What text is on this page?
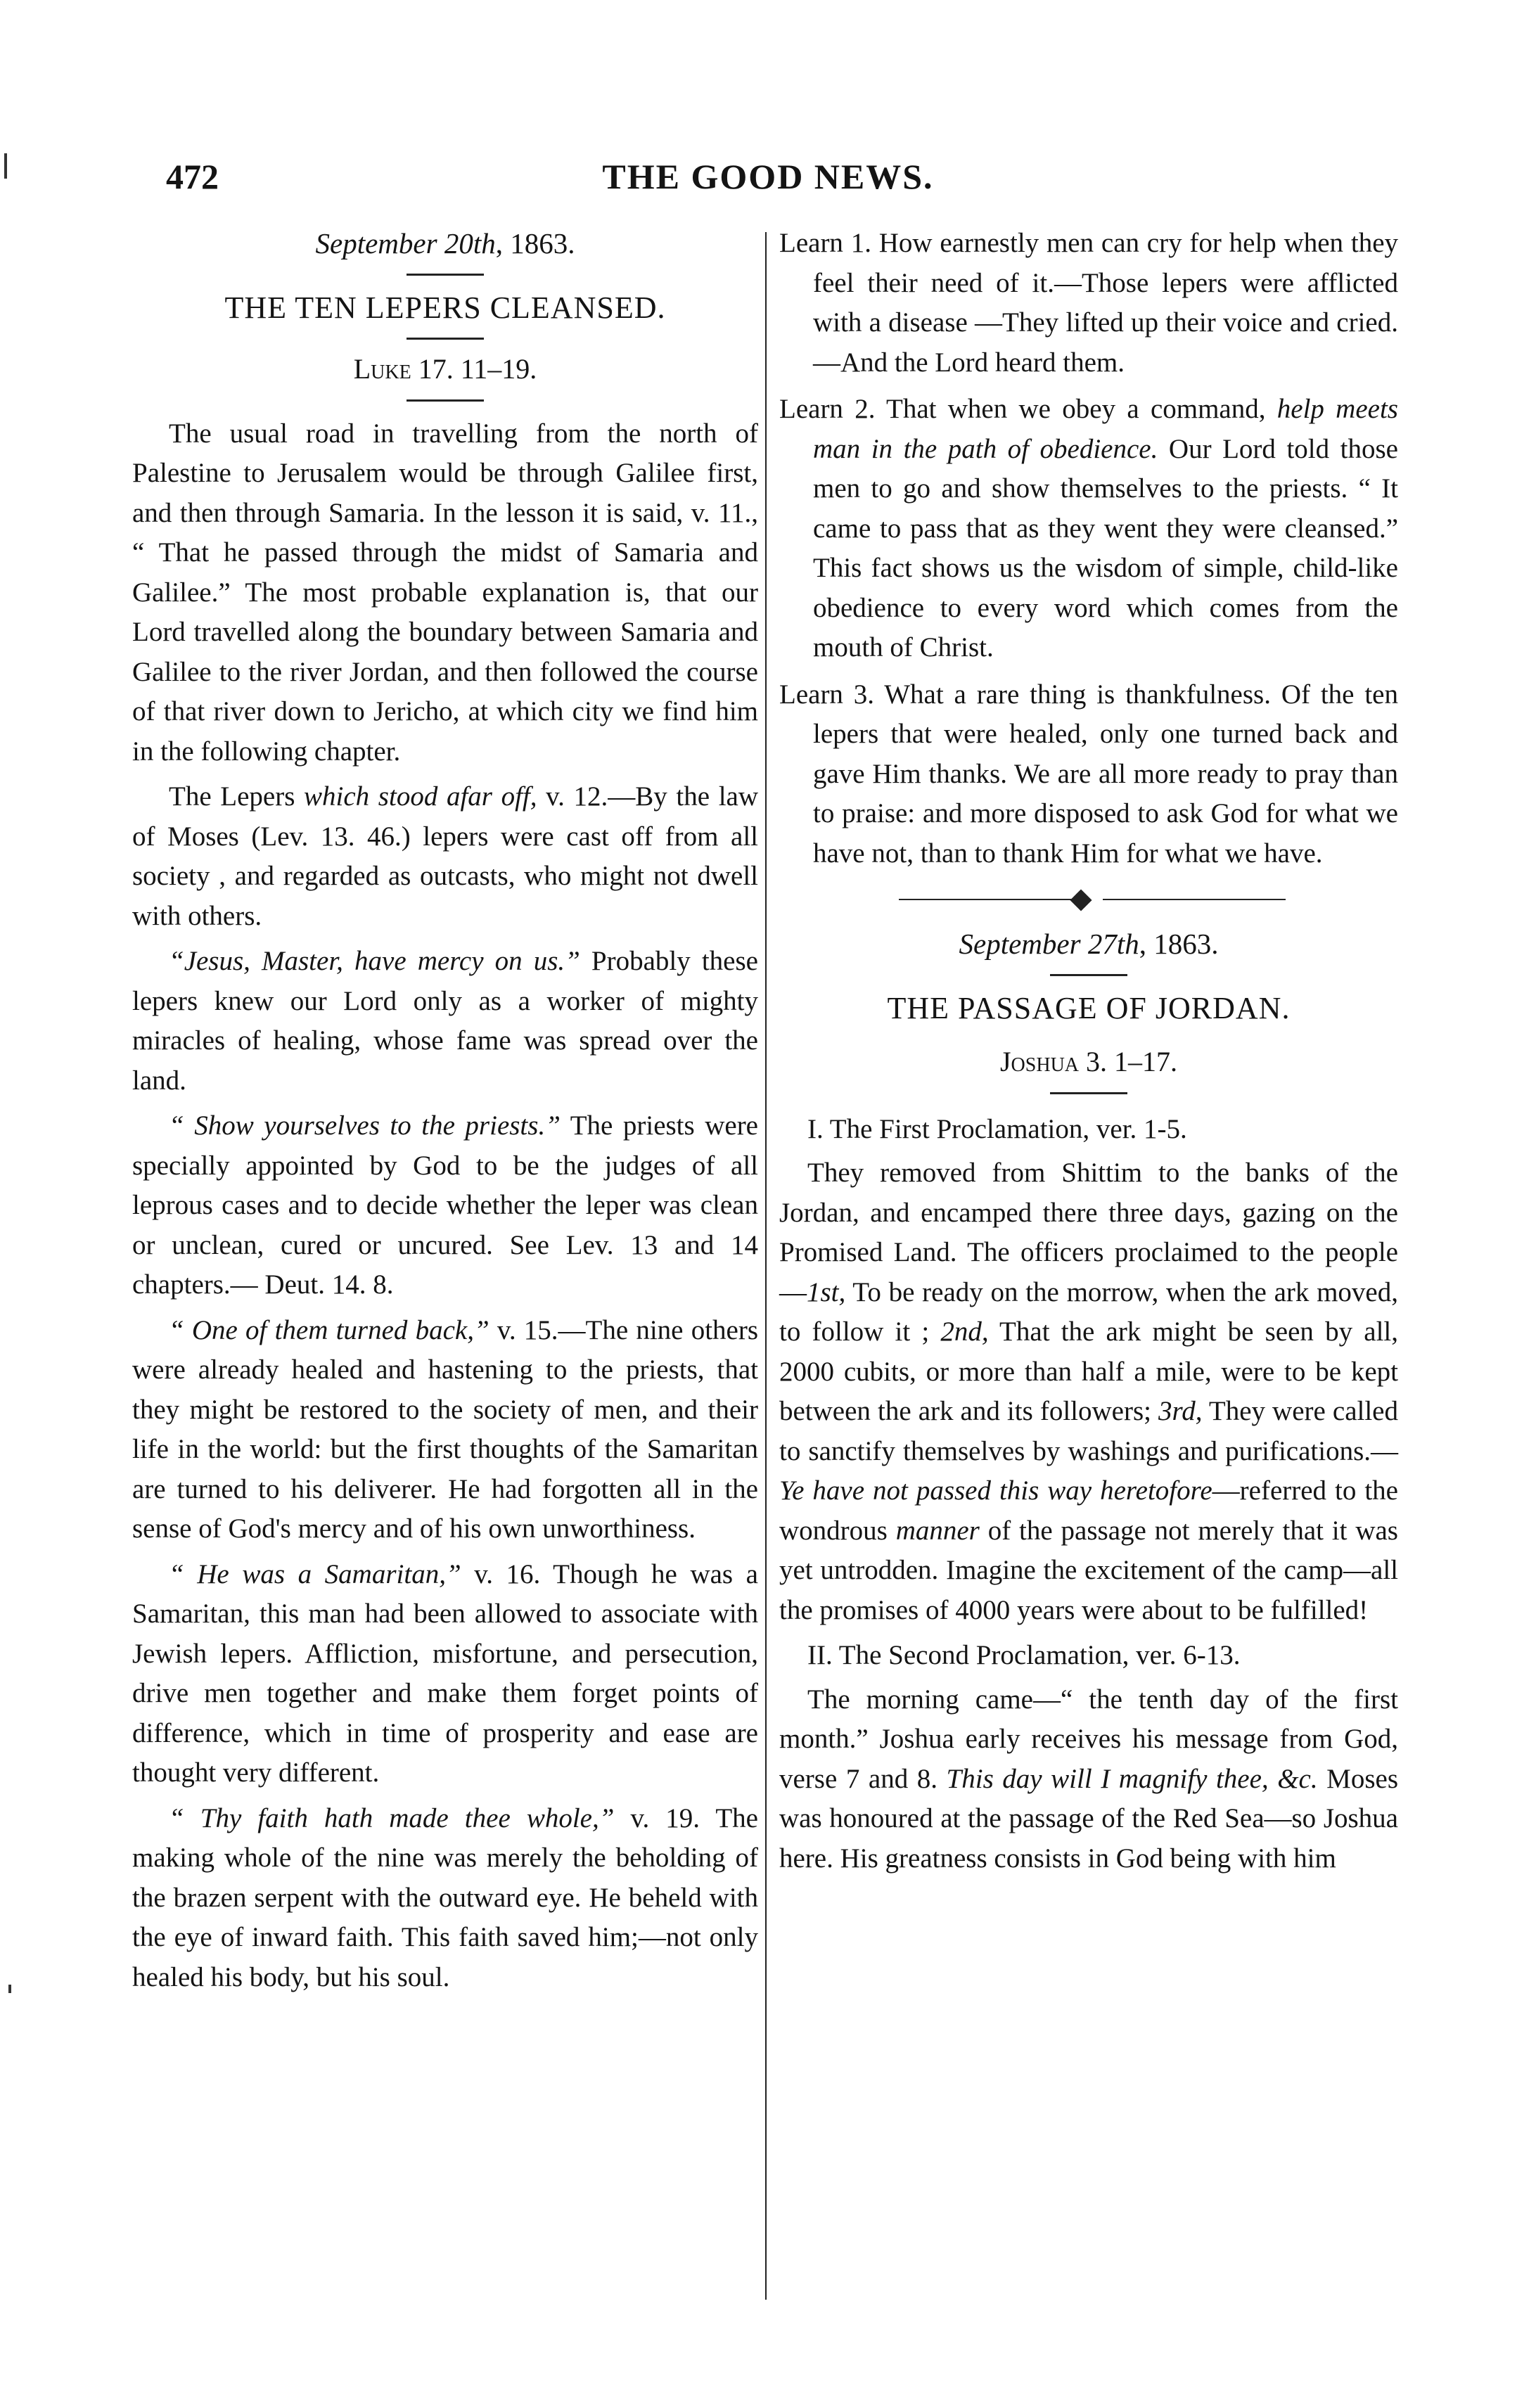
472	THE GOOD NEWS.
September 20th, 1863.
THE TEN LEPERS CLEANSED.
Luke 17. 11–19.

The usual road in travelling from the north of Palestine to Jerusalem would be through Galilee first, and then through Samaria. In the lesson it is said, v. 11., “ That he passed through the midst of Samaria and Galilee.” The most probable explanation is, that our Lord travelled along the boundary between Samaria and Galilee to the river Jordan, and then followed the course of that river down to Jericho, at which city we find him in the following chapter.

The Lepers which stood afar off, v. 12.—By the law of Moses (Lev. 13. 46.) lepers were cast off from all society , and regarded as outcasts, who might not dwell with others.

“Jesus, Master, have mercy on us.” Probably these lepers knew our Lord only as a worker of mighty miracles of healing, whose fame was spread over the land.

“ Show yourselves to the priests.” The priests were specially appointed by God to be the judges of all leprous cases and to decide whether the leper was clean or unclean, cured or uncured. See Lev. 13 and 14 chapters.— Deut. 14. 8.

“ One of them turned back,” v. 15.—The nine others were already healed and hastening to the priests, that they might be restored to the society of men, and their life in the world: but the first thoughts of the Samaritan are turned to his deliverer. He had forgotten all in the sense of God's mercy and of his own unworthiness.

“ He was a Samaritan,” v. 16. Though he was a Samaritan, this man had been allowed to associate with Jewish lepers. Affliction, misfortune, and persecution, drive men together and make them forget points of difference, which in time of prosperity and ease are thought very different.

“ Thy faith hath made thee whole,” v. 19. The making whole of the nine was merely the beholding of the brazen serpent with the outward eye. He beheld with the eye of inward faith. This faith saved him;—not only healed his body, but his soul.

Learn 1. How earnestly men can cry for help when they feel their need of it.—Those lepers were afflicted with a disease —They lifted up their voice and cried.—And the Lord heard them.

Learn 2. That when we obey a command, help meets man in the path of obedience. Our Lord told those men to go and show themselves to the priests. “ It came to pass that as they went they were cleansed.” This fact shows us the wisdom of simple, child-like obedience to every word which comes from the mouth of Christ.

Learn 3. What a rare thing is thankfulness. Of the ten lepers that were healed, only one turned back and gave Him thanks. We are all more ready to pray than to praise: and more disposed to ask God for what we have not, than to thank Him for what we have.

September 27th, 1863.
THE PASSAGE OF JORDAN.
Joshua 3. 1–17.

I. The First Proclamation, ver. 1-5.

They removed from Shittim to the banks of the Jordan, and encamped there three days, gazing on the Promised Land. The officers proclaimed to the people—1st, To be ready on the morrow, when the ark moved, to follow it ; 2nd, That the ark might be seen by all, 2000 cubits, or more than half a mile, were to be kept between the ark and its followers; 3rd, They were called to sanctify themselves by washings and purifications.—Ye have not passed this way heretofore—referred to the wondrous manner of the passage not merely that it was yet untrodden. Imagine the excitement of the camp—all the promises of 4000 years were about to be fulfilled!

II. The Second Proclamation, ver. 6-13.

The morning came—“ the tenth day of the first month.” Joshua early receives his message from God, verse 7 and 8. This day will I magnify thee, &c. Moses was honoured at the passage of the Red Sea—so Joshua here. His greatness consists in God being with him
